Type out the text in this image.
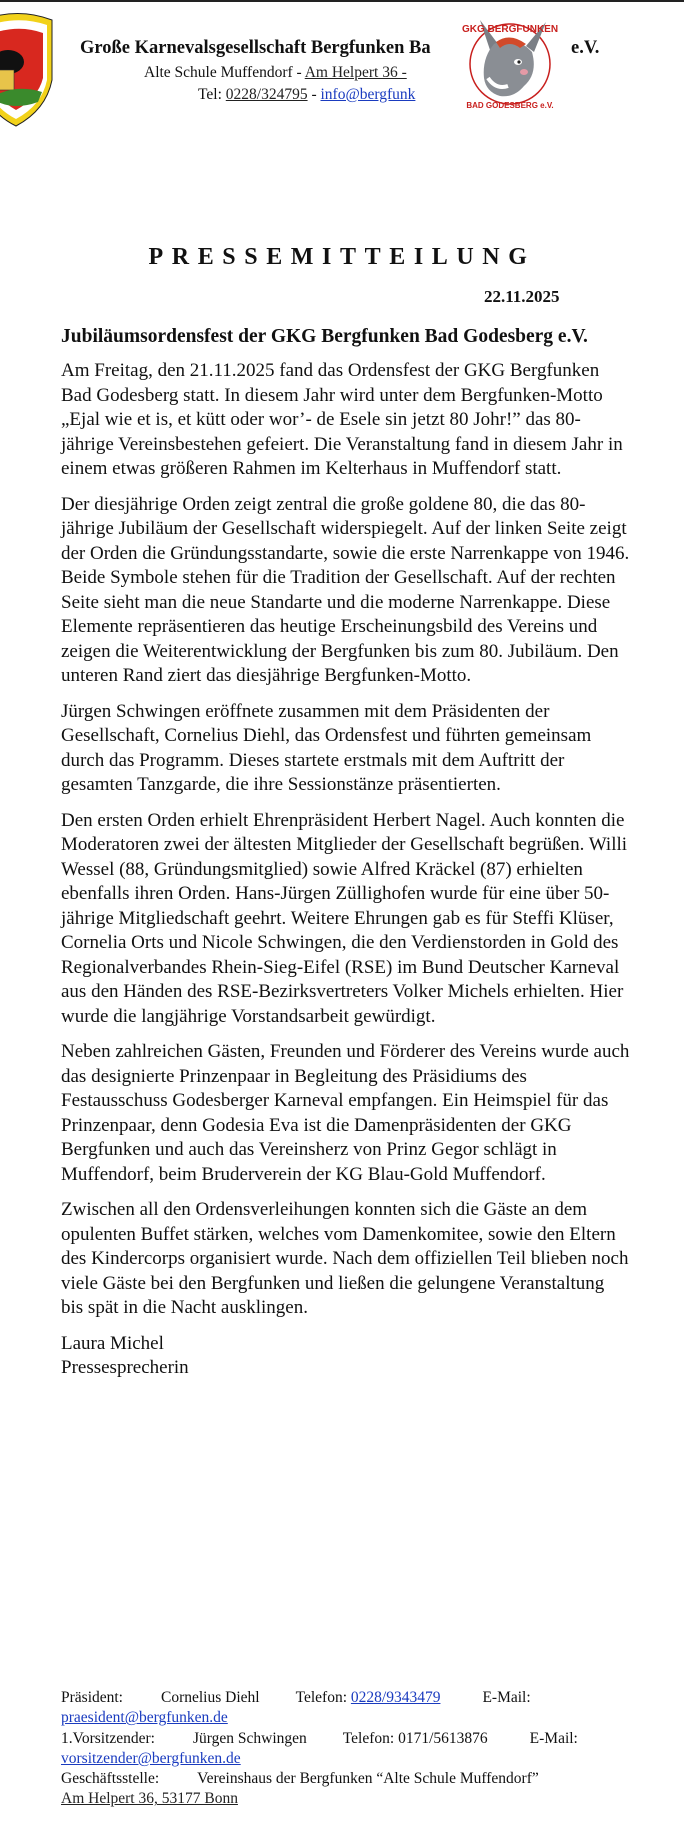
GKG BERGFUNKEN
BAD GODESBERG e.V.
Große Karnevalsgesellschaft Bergfunken Ba	e.V.
Alte Schule Muffendorf - Am Helpert 36 -
Tel: 0228/324795 - info@bergfunk
PRESSEMITTEILUNG
22.11.2025
Jubiläumsordensfest der GKG Bergfunken Bad Godesberg e.V.

Am Freitag, den 21.11.2025 fand das Ordensfest der GKG Bergfunken Bad Godesberg statt. In diesem Jahr wird unter dem Bergfunken-Motto „Ejal wie et is, et kütt oder wor’- de Esele sin jetzt 80 Johr!” das 80-jährige Vereinsbestehen gefeiert. Die Veranstaltung fand in diesem Jahr in einem etwas größeren Rahmen im Kelterhaus in Muffendorf statt.

Der diesjährige Orden zeigt zentral die große goldene 80, die das 80-jährige Jubiläum der Gesellschaft widerspiegelt. Auf der linken Seite zeigt der Orden die Gründungsstandarte, sowie die erste Narrenkappe von 1946. Beide Symbole stehen für die Tradition der Gesellschaft. Auf der rechten Seite sieht man die neue Standarte und die moderne Narrenkappe. Diese Elemente repräsentieren das heutige Erscheinungsbild des Vereins und zeigen die Weiterentwicklung der Bergfunken bis zum 80. Jubiläum. Den unteren Rand ziert das diesjährige Bergfunken-Motto.

Jürgen Schwingen eröffnete zusammen mit dem Präsidenten der Gesellschaft, Cornelius Diehl, das Ordensfest und führten gemeinsam durch das Programm. Dieses startete erstmals mit dem Auftritt der gesamten Tanzgarde, die ihre Sessionstänze präsentierten.

Den ersten Orden erhielt Ehrenpräsident Herbert Nagel. Auch konnten die Moderatoren zwei der ältesten Mitglieder der Gesellschaft begrüßen. Willi Wessel (88, Gründungsmitglied) sowie Alfred Kräckel (87) erhielten ebenfalls ihren Orden. Hans-Jürgen Züllighofen wurde für eine über 50-jährige Mitgliedschaft geehrt. Weitere Ehrungen gab es für Steffi Klüser, Cornelia Orts und Nicole Schwingen, die den Verdienstorden in Gold des Regionalverbandes Rhein-Sieg-Eifel (RSE) im Bund Deutscher Karneval aus den Händen des RSE-Bezirksvertreters Volker Michels erhielten. Hier wurde die langjährige Vorstandsarbeit gewürdigt.

Neben zahlreichen Gästen, Freunden und Förderer des Vereins wurde auch das designierte Prinzenpaar in Begleitung des Präsidiums des Festausschuss Godesberger Karneval empfangen. Ein Heimspiel für das Prinzenpaar, denn Godesia Eva ist die Damenpräsidenten der GKG Bergfunken und auch das Vereinsherz von Prinz Gegor schlägt in Muffendorf, beim Bruderverein der KG Blau-Gold Muffendorf.

Zwischen all den Ordensverleihungen konnten sich die Gäste an dem opulenten Buffet stärken, welches vom Damenkomitee, sowie den Eltern des Kindercorps organisiert wurde. Nach dem offiziellen Teil blieben noch viele Gäste bei den Bergfunken und ließen die gelungene Veranstaltung bis spät in die Nacht ausklingen.

Laura Michel

Pressesprecherin

Präsident: Cornelius Diehl Telefon: 0228/9343479	E-Mail:
praesident@bergfunken.de
1.Vorsitzender: Jürgen Schwingen Telefon: 0171/5613876	E-Mail: vorsitzender@bergfunken.de
Geschäftsstelle: Vereinshaus der Bergfunken “Alte Schule Muffendorf”
Am Helpert 36, 53177 Bonn
